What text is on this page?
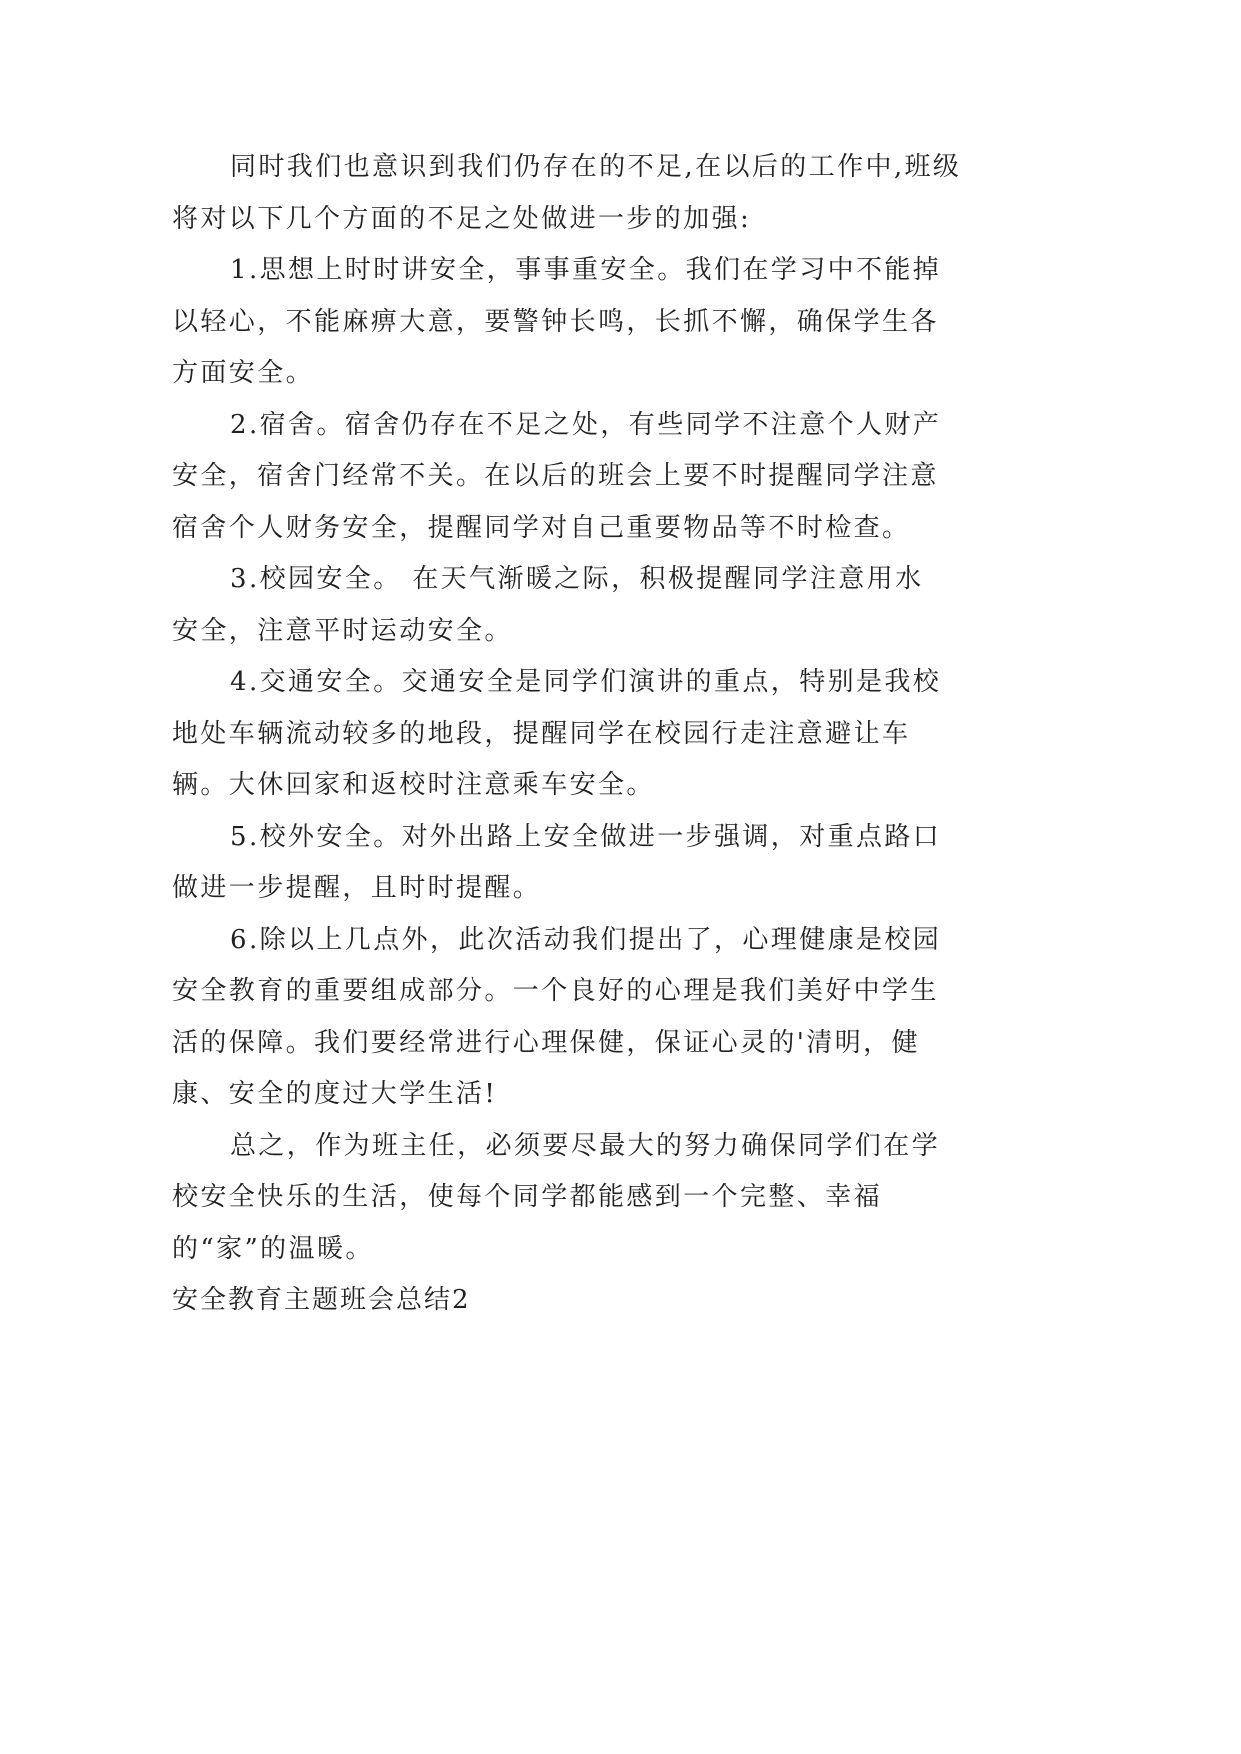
同时我们也意识到我们仍存在的不足,在以后的工作中,班级将对以下几个方面的不足之处做进一步的加强:

1.思想上时时讲安全，事事重安全。我们在学习中不能掉以轻心，不能麻痹大意，要警钟长鸣，长抓不懈，确保学生各方面安全。

2.宿舍。宿舍仍存在不足之处，有些同学不注意个人财产安全，宿舍门经常不关。在以后的班会上要不时提醒同学注意宿舍个人财务安全，提醒同学对自己重要物品等不时检查。

3.校园安全。 在天气渐暖之际，积极提醒同学注意用水安全，注意平时运动安全。

4.交通安全。交通安全是同学们演讲的重点，特别是我校地处车辆流动较多的地段，提醒同学在校园行走注意避让车辆。大休回家和返校时注意乘车安全。

5.校外安全。对外出路上安全做进一步强调，对重点路口做进一步提醒，且时时提醒。

6.除以上几点外，此次活动我们提出了，心理健康是校园安全教育的重要组成部分。一个良好的心理是我们美好中学生活的保障。我们要经常进行心理保健，保证心灵的'清明，健康、安全的度过大学生活!

总之，作为班主任，必须要尽最大的努力确保同学们在学校安全快乐的生活，使每个同学都能感到一个完整、幸福的“家”的温暖。

安全教育主题班会总结2
